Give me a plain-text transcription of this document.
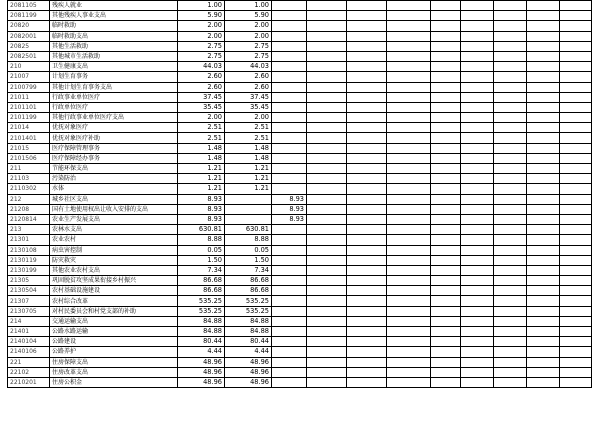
2081105	残疾人就业	1.00	1.00									
2081199	其他残疾人事业支出	5.90	5.90									
20820	临时救助	2.00	2.00									
2082001	临时救助支出	2.00	2.00									
20825	其他生活救助	2.75	2.75									
2082501	其他城市生活救助	2.75	2.75									
210	卫生健康支出	44.03	44.03									
21007	计划生育事务	2.60	2.60									
2100799	其他计划生育事务支出	2.60	2.60									
21011	行政事业单位医疗	37.45	37.45									
2101101	行政单位医疗	35.45	35.45									
2101199	其他行政事业单位医疗支出	2.00	2.00									
21014	优抚对象医疗	2.51	2.51									
2101401	优抚对象医疗补助	2.51	2.51									
21015	医疗保障管理事务	1.48	1.48									
2101506	医疗保障经办事务	1.48	1.48									
211	节能环保支出	1.21	1.21									
21103	污染防治	1.21	1.21									
2110302	水体	1.21	1.21									
212	城乡社区支出	8.93		8.93								
21208	国有土地使用权出让收入安排的支出	8.93		8.93								
2120814	农业生产发展支出	8.93		8.93								
213	农林水支出	630.81	630.81									
21301	农业农村	8.88	8.88									
2130108	病虫害控制	0.05	0.05									
2130119	防灾救灾	1.50	1.50									
2130199	其他农业农村支出	7.34	7.34									
21305	巩固脱贫攻坚成果衔接乡村振兴	86.68	86.68									
2130504	农村基础设施建设	86.68	86.68									
21307	农村综合改革	535.25	535.25									
2130705	对村民委员会和村党支部的补助	535.25	535.25									
214	交通运输支出	84.88	84.88									
21401	公路水路运输	84.88	84.88									
2140104	公路建设	80.44	80.44									
2140106	公路养护	4.44	4.44									
221	住房保障支出	48.96	48.96									
22102	住房改革支出	48.96	48.96									
2210201	住房公积金	48.96	48.96									
